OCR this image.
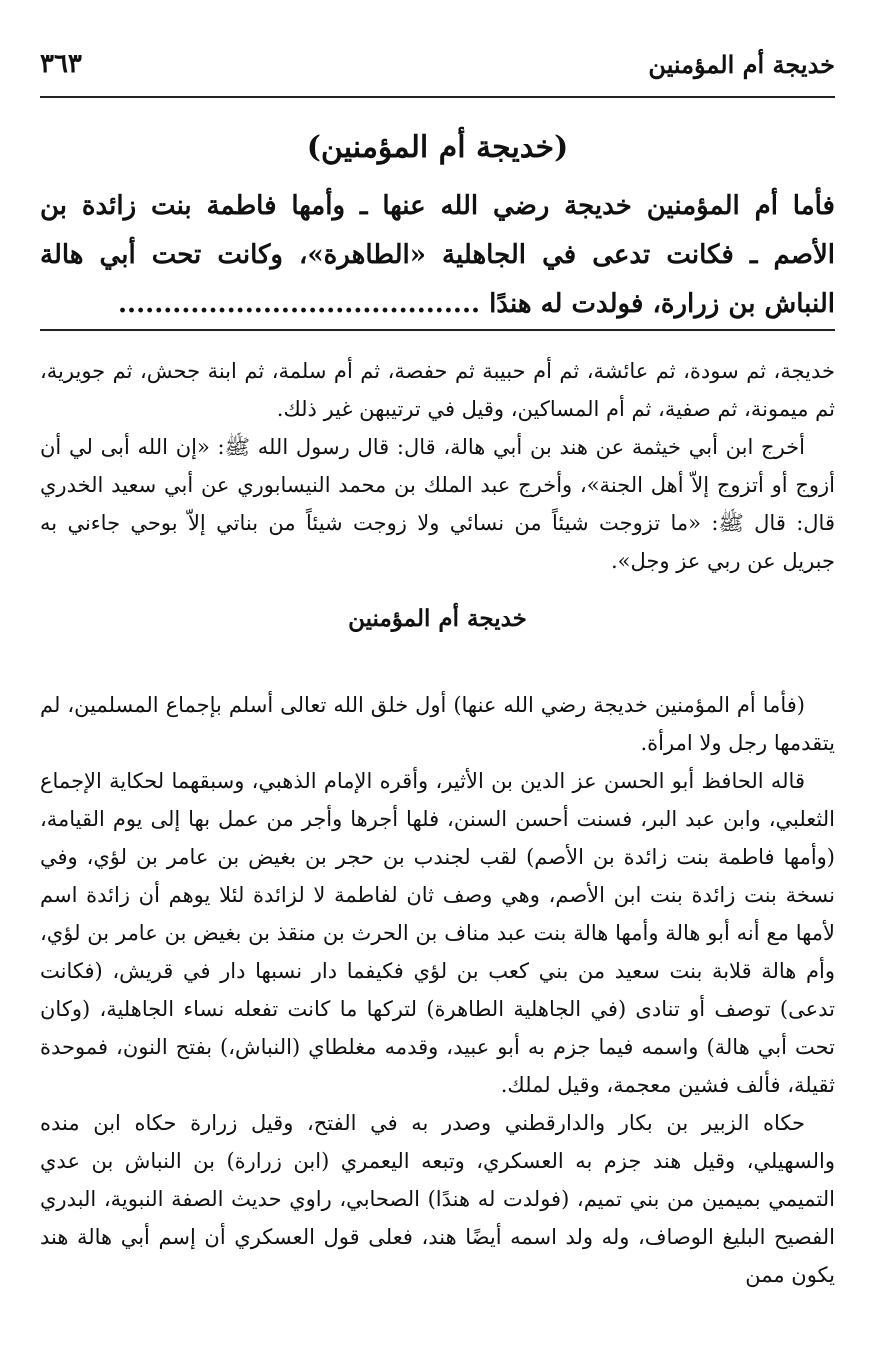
خديجة أم المؤمنين
٣٦٣
(خديجة أم المؤمنين)

فأما أم المؤمنين خديجة رضي الله عنها ـ وأمها فاطمة بنت زائدة بن الأصم ـ فكانت تدعى في الجاهلية «الطاهرة»، وكانت تحت أبي هالة النباش بن زرارة، فولدت له هندًا ........................................

خديجة، ثم سودة، ثم عائشة، ثم أم حبيبة ثم حفصة، ثم أم سلمة، ثم ابنة جحش، ثم جويرية، ثم ميمونة، ثم صفية، ثم أم المساكين، وقيل في ترتيبهن غير ذلك.

أخرج ابن أبي خيثمة عن هند بن أبي هالة، قال: قال رسول الله ﷺ: «إن الله أبى لي أن أزوج أو أتزوج إلاّ أهل الجنة»، وأخرج عبد الملك بن محمد النيسابوري عن أبي سعيد الخدري قال: قال ﷺ: «ما تزوجت شيئاً من نسائي ولا زوجت شيئاً من بناتي إلاّ بوحي جاءني به جبريل عن ربي عز وجل».

خديجة أم المؤمنين

(فأما أم المؤمنين خديجة رضي الله عنها) أول خلق الله تعالى أسلم بإجماع المسلمين، لم يتقدمها رجل ولا امرأة.

قاله الحافظ أبو الحسن عز الدين بن الأثير، وأقره الإمام الذهبي، وسبقهما لحكاية الإجماع الثعلبي، وابن عبد البر، فسنت أحسن السنن، فلها أجرها وأجر من عمل بها إلى يوم القيامة، (وأمها فاطمة بنت زائدة بن الأصم) لقب لجندب بن حجر بن بغيض بن عامر بن لؤي، وفي نسخة بنت زائدة بنت ابن الأصم، وهي وصف ثان لفاطمة لا لزائدة لئلا يوهم أن زائدة اسم لأمها مع أنه أبو هالة وأمها هالة بنت عبد مناف بن الحرث بن منقذ بن بغيض بن عامر بن لؤي، وأم هالة قلابة بنت سعيد من بني كعب بن لؤي فكيفما دار نسبها دار في قريش، (فكانت تدعى) توصف أو تنادى (في الجاهلية الطاهرة) لتركها ما كانت تفعله نساء الجاهلية، (وكان تحت أبي هالة) واسمه فيما جزم به أبو عبيد، وقدمه مغلطاي (النباش،) بفتح النون، فموحدة ثقيلة، فألف فشين معجمة، وقيل لملك.

حكاه الزبير بن بكار والدارقطني وصدر به في الفتح، وقيل زرارة حكاه ابن منده والسهيلي، وقيل هند جزم به العسكري، وتبعه اليعمري (ابن زرارة) بن النباش بن عدي التميمي بميمين من بني تميم، (فولدت له هندًا) الصحابي، راوي حديث الصفة النبوية، البدري الفصيح البليغ الوصاف، وله ولد اسمه أيضًا هند، فعلى قول العسكري أن إسم أبي هالة هند يكون ممن
